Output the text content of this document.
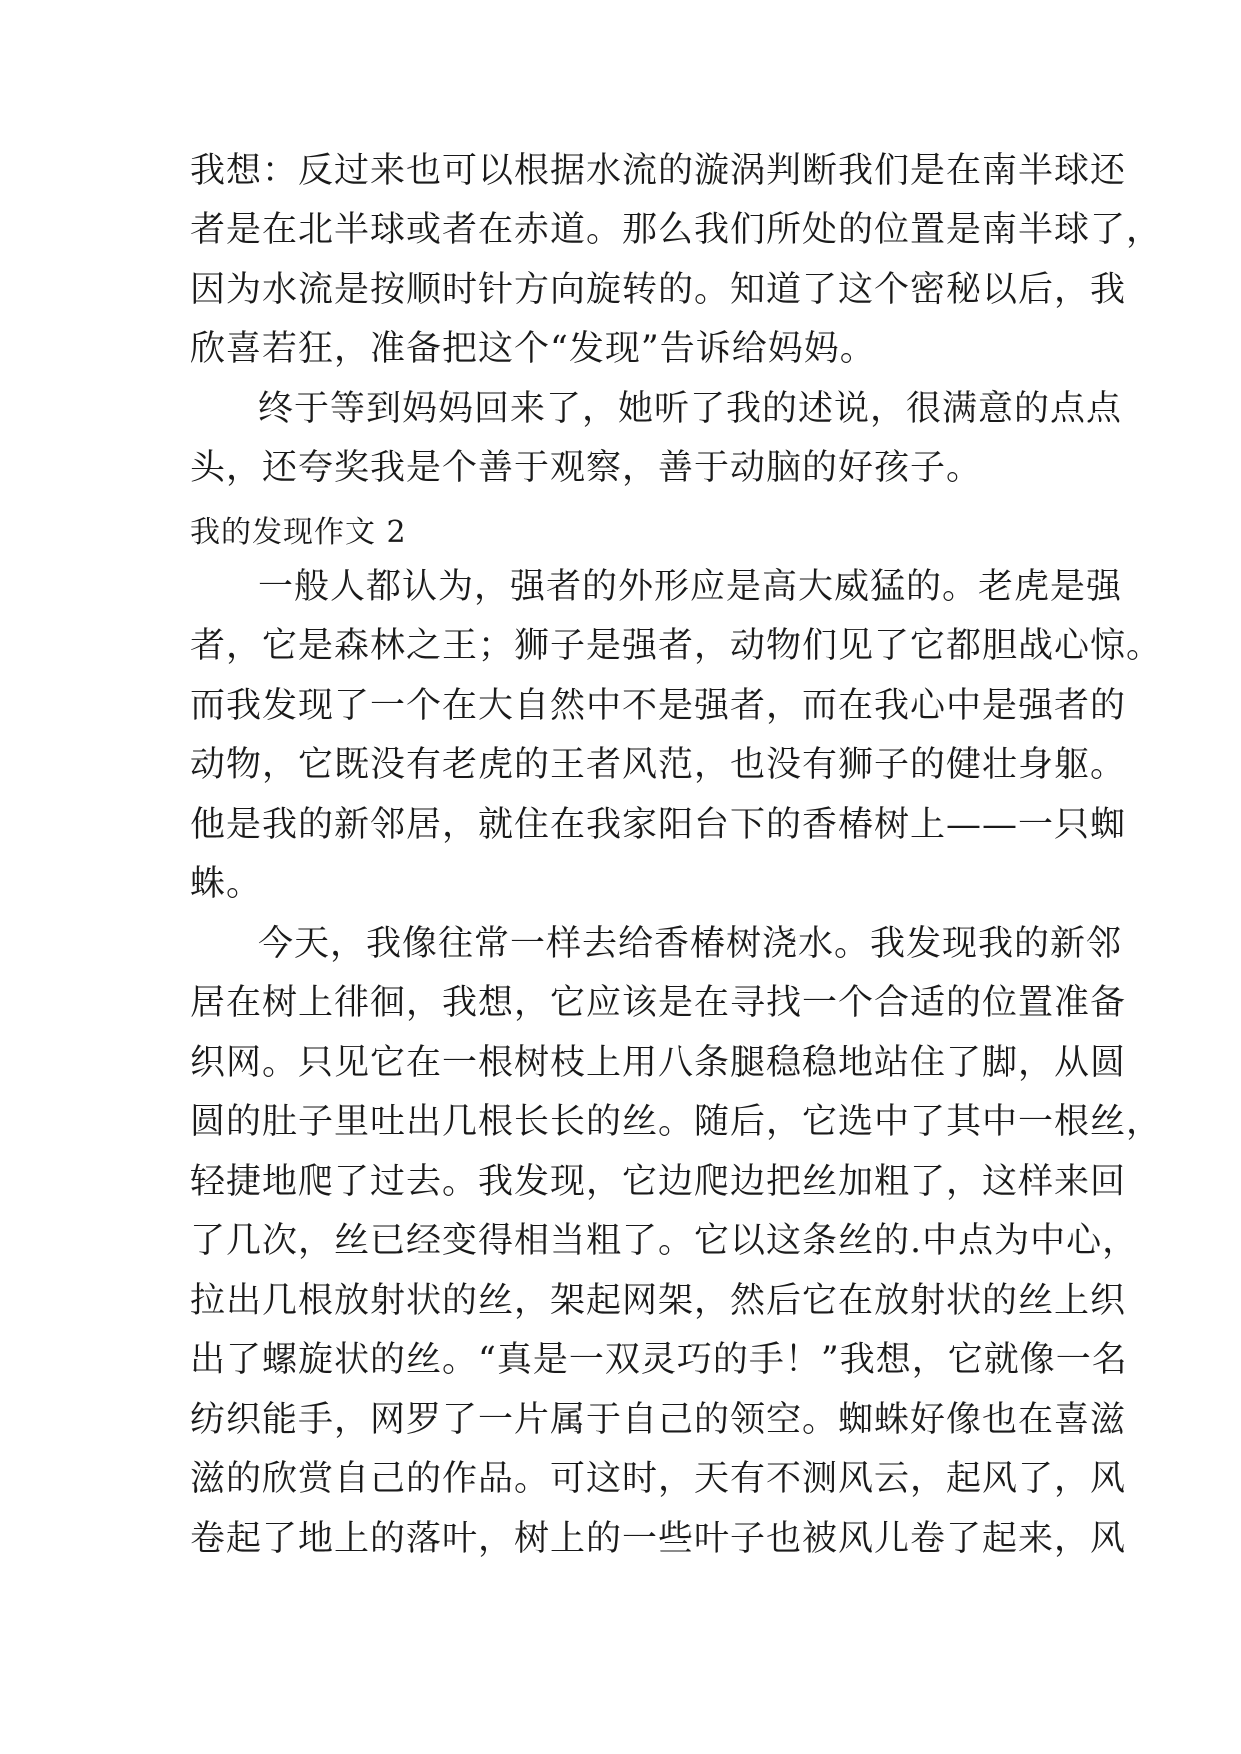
我想：反过来也可以根据水流的漩涡判断我们是在南半球还
者是在北半球或者在赤道。那么我们所处的位置是南半球了，
因为水流是按顺时针方向旋转的。知道了这个密秘以后，我
欣喜若狂，准备把这个“发现”告诉给妈妈。
终于等到妈妈回来了，她听了我的述说，很满意的点点
头，还夸奖我是个善于观察，善于动脑的好孩子。
我的发现作文 2
一般人都认为，强者的外形应是高大威猛的。老虎是强
者，它是森林之王；狮子是强者，动物们见了它都胆战心惊。
而我发现了一个在大自然中不是强者，而在我心中是强者的
动物，它既没有老虎的王者风范，也没有狮子的健壮身躯。
他是我的新邻居，就住在我家阳台下的香椿树上——一只蜘
蛛。
今天，我像往常一样去给香椿树浇水。我发现我的新邻
居在树上徘徊，我想，它应该是在寻找一个合适的位置准备
织网。只见它在一根树枝上用八条腿稳稳地站住了脚，从圆
圆的肚子里吐出几根长长的丝。随后，它选中了其中一根丝，
轻捷地爬了过去。我发现，它边爬边把丝加粗了，这样来回
了几次，丝已经变得相当粗了。它以这条丝的.中点为中心，
拉出几根放射状的丝，架起网架，然后它在放射状的丝上织
出了螺旋状的丝。“真是一双灵巧的手！”我想，它就像一名
纺织能手，网罗了一片属于自己的领空。蜘蛛好像也在喜滋
滋的欣赏自己的作品。可这时，天有不测风云，起风了，风
卷起了地上的落叶，树上的一些叶子也被风儿卷了起来，风
